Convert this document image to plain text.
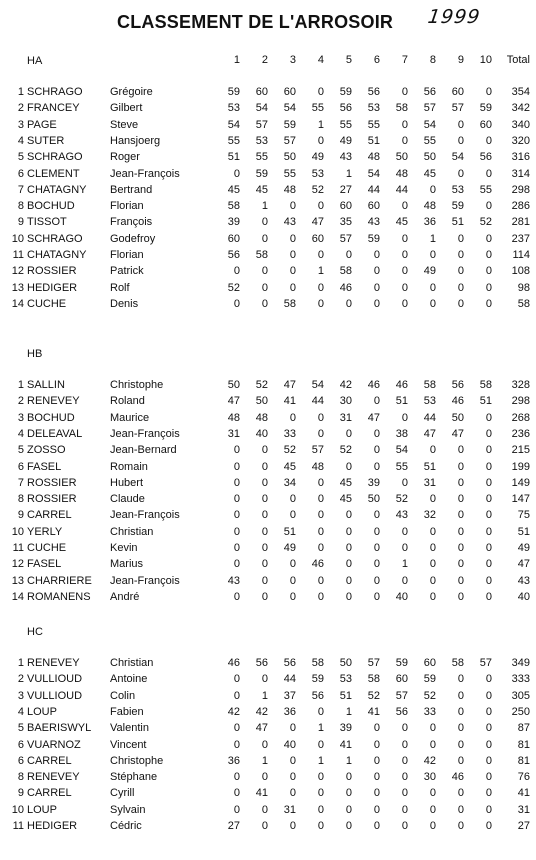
CLASSEMENT DE L'ARROSOIR 1999
1	2	3	4	5	6	7	8	9	10	Total
HA
1 SCHRAGO Grégoire	59	60	60	0	59	56	0	56	60	0	354
2 FRANCEY	Gilbert	53	54	54	55	56	53	58	57	57	59	342
3 PAGE	Steve	54	57	59	1	55	55	0	54	0	60	340
4 SUTER	Hansjoerg	55	53	57	0	49	51	0	55	0	0	320
5 SCHRAGO Roger	51	55	50	49	43	48	50	50	54	56	316
6 CLEMENT	Jean-François	0	59	55	53	1	54	48	45	0	0	314
7 CHATAGNY Bertrand	45	45	48	52	27	44	44	0	53	55	298
8 BOCHUD	Florian	58	1	0	0	60	60	0	48	59	0	286
9 TISSOT	François	39	0	43	47	35	43	45	36	51	52	281
10 SCHRAGO Godefroy	60	0	0	60	57	59	0	1	0	0	237
11 CHATAGNY Florian	56	58	0	0	0	0	0	0	0	0	114
12 ROSSIER	Patrick	0	0	0	1	58	0	0	49	0	0	108
13 HEDIGER	Rolf	52	0	0	0	46	0	0	0	0	0	98
14 CUCHE	Denis	0	0	58	0	0	0	0	0	0	0	58
HB
1 SALLIN	Christophe	50	52	47	54	42	46	46	58	56	58	328
2 RENEVEY	Roland	47	50	41	44	30	0	51	53	46	51	298
3 BOCHUD	Maurice	48	48	0	0	31	47	0	44	50	0	268
4 DELEAVAL	Jean-François	31	40	33	0	0	0	38	47	47	0	236
5 ZOSSO	Jean-Bernard	0	0	52	57	52	0	54	0	0	0	215
6 FASEL	Romain	0	0	45	48	0	0	55	51	0	0	199
7 ROSSIER	Hubert	0	0	34	0	45	39	0	31	0	0	149
8 ROSSIER	Claude	0	0	0	0	45	50	52	0	0	0	147
9 CARREL	Jean-François	0	0	0	0	0	0	43	32	0	0	75
10 YERLY	Christian	0	0	51	0	0	0	0	0	0	0	51
11 CUCHE	Kevin	0	0	49	0	0	0	0	0	0	0	49
12 FASEL	Marius	0	0	0	46	0	0	1	0	0	0	47
13 CHARRIERE Jean-François	43	0	0	0	0	0	0	0	0	0	43
14 ROMANENS André	0	0	0	0	0	0	40	0	0	0	40
HC
1 RENEVEY	Christian	46	56	56	58	50	57	59	60	58	57	349
2 VULLIOUD	Antoine	0	0	44	59	53	58	60	59	0	0	333
3 VULLIOUD	Colin	0	1	37	56	51	52	57	52	0	0	305
4 LOUP	Fabien	42	42	36	0	1	41	56	33	0	0	250
5 BAERISWYL Valentin	0	47	0	1	39	0	0	0	0	0	87
6 VUARNOZ	Vincent	0	0	40	0	41	0	0	0	0	0	81
6 CARREL	Christophe	36	1	0	1	1	0	0	42	0	0	81
8 RENEVEY	Stéphane	0	0	0	0	0	0	0	30	46	0	76
9 CARREL	Cyrill	0	41	0	0	0	0	0	0	0	0	41
10 LOUP	Sylvain	0	0	31	0	0	0	0	0	0	0	31
11 HEDIGER	Cédric	27	0	0	0	0	0	0	0	0	0	27
